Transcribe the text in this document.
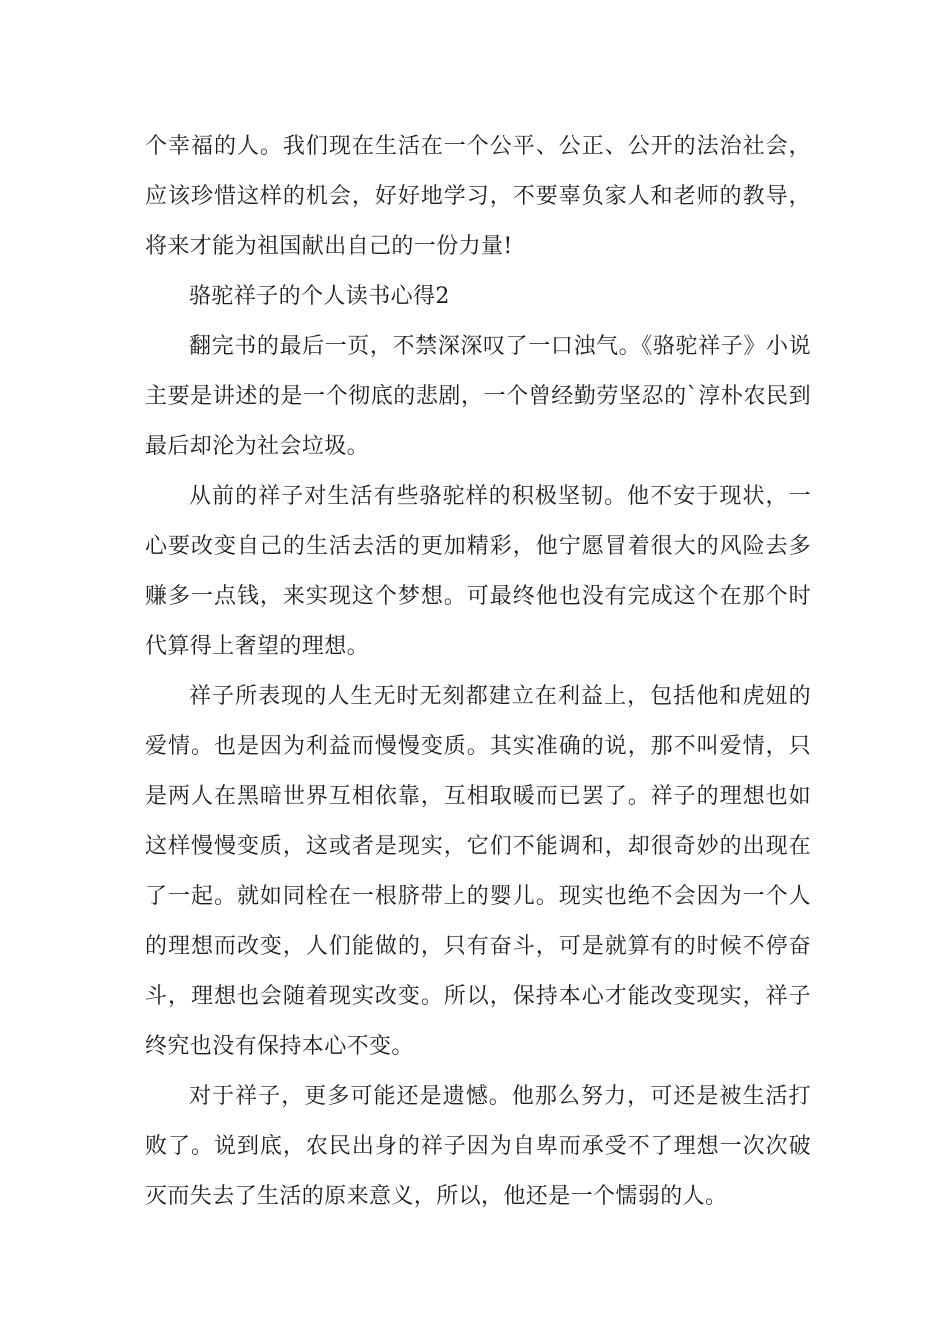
个幸福的人。我们现在生活在一个公平、公正、公开的法治社会，应该珍惜这样的机会，好好地学习，不要辜负家人和老师的教导，将来才能为祖国献出自己的一份力量!

骆驼祥子的个人读书心得2

翻完书的最后一页，不禁深深叹了一口浊气。《骆驼祥子》小说主要是讲述的是一个彻底的悲剧，一个曾经勤劳坚忍的`淳朴农民到最后却沦为社会垃圾。

从前的祥子对生活有些骆驼样的积极坚韧。他不安于现状，一心要改变自己的生活去活的更加精彩，他宁愿冒着很大的风险去多赚多一点钱，来实现这个梦想。可最终他也没有完成这个在那个时代算得上奢望的理想。

祥子所表现的人生无时无刻都建立在利益上，包括他和虎妞的爱情。也是因为利益而慢慢变质。其实准确的说，那不叫爱情，只是两人在黑暗世界互相依靠，互相取暖而已罢了。祥子的理想也如这样慢慢变质，这或者是现实，它们不能调和，却很奇妙的出现在了一起。就如同栓在一根脐带上的婴儿。现实也绝不会因为一个人的理想而改变，人们能做的，只有奋斗，可是就算有的时候不停奋斗，理想也会随着现实改变。所以，保持本心才能改变现实，祥子终究也没有保持本心不变。

对于祥子，更多可能还是遗憾。他那么努力，可还是被生活打败了。说到底，农民出身的祥子因为自卑而承受不了理想一次次破灭而失去了生活的原来意义，所以，他还是一个懦弱的人。
